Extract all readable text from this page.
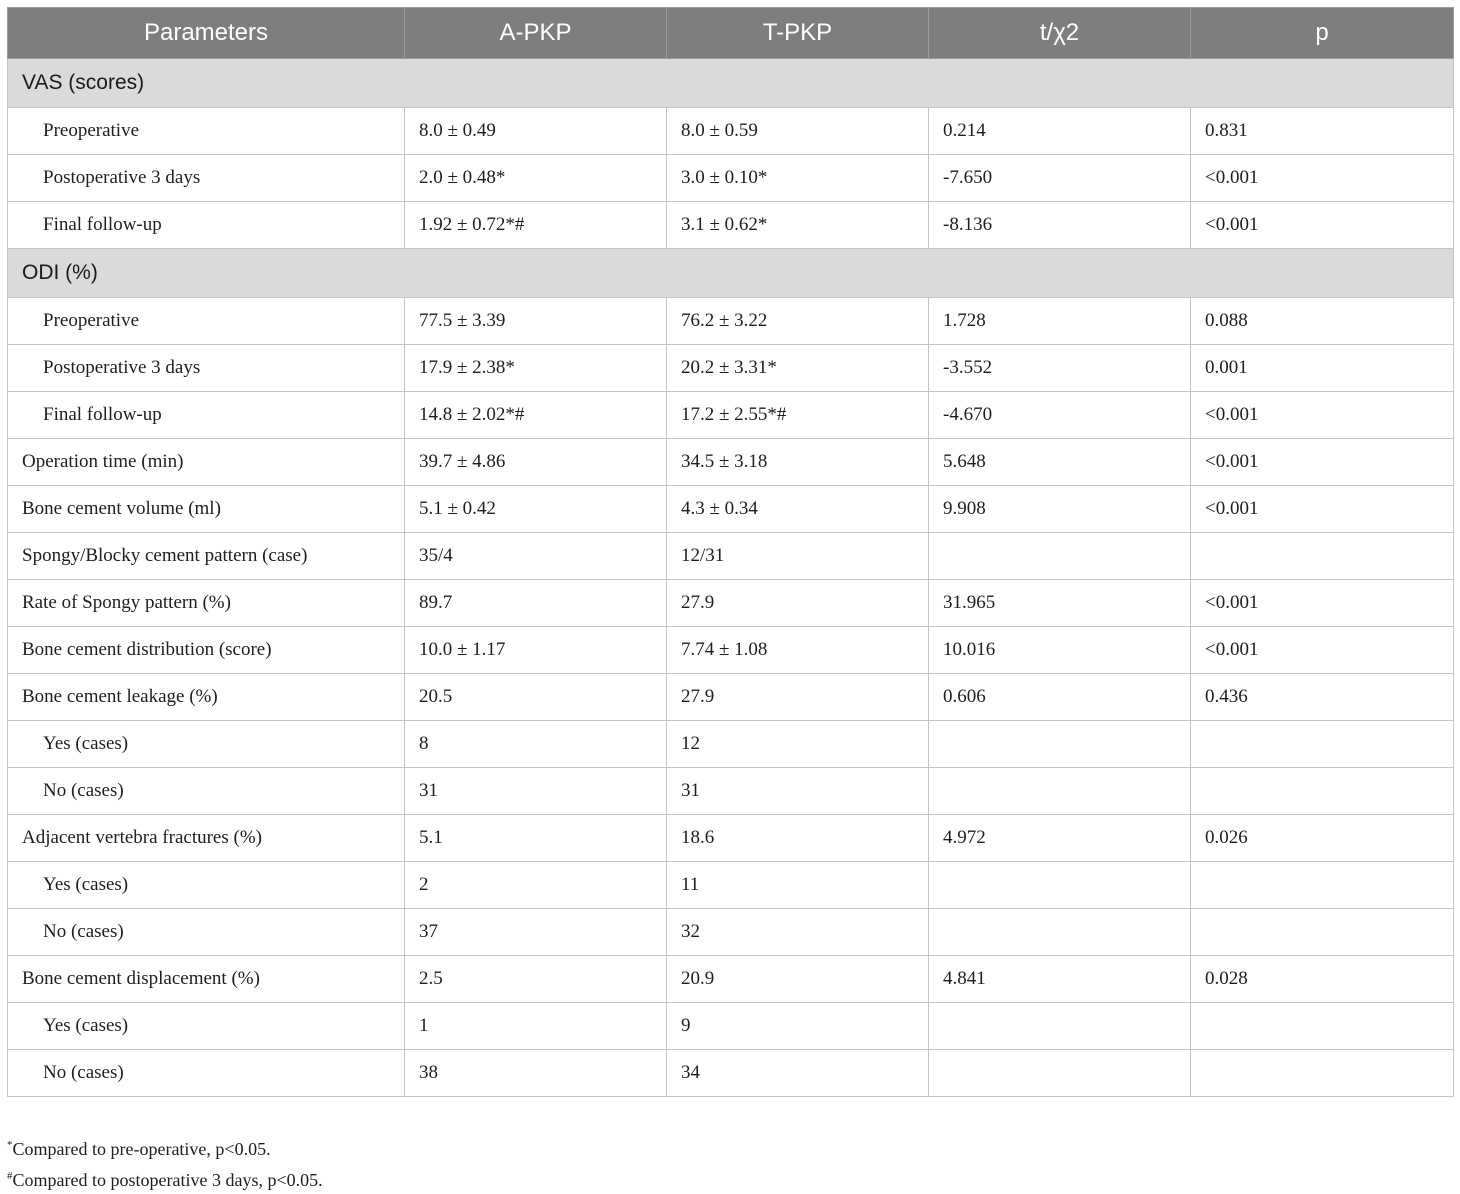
Parameters	A-PKP	T-PKP	t/χ2	p
VAS (scores)				
Preoperative	8.0 ± 0.49	8.0 ± 0.59	0.214	0.831
Postoperative 3 days	2.0 ± 0.48*	3.0 ± 0.10*	-7.650	<0.001
Final follow-up	1.92 ± 0.72*#	3.1 ± 0.62*	-8.136	<0.001
ODI (%)				
Preoperative	77.5 ± 3.39	76.2 ± 3.22	1.728	0.088
Postoperative 3 days	17.9 ± 2.38*	20.2 ± 3.31*	-3.552	0.001
Final follow-up	14.8 ± 2.02*#	17.2 ± 2.55*#	-4.670	<0.001
Operation time (min)	39.7 ± 4.86	34.5 ± 3.18	5.648	<0.001
Bone cement volume (ml)	5.1 ± 0.42	4.3 ± 0.34	9.908	<0.001
Spongy/Blocky cement pattern (case)	35/4	12/31		
Rate of Spongy pattern (%)	89.7	27.9	31.965	<0.001
Bone cement distribution (score)	10.0 ± 1.17	7.74 ± 1.08	10.016	<0.001
Bone cement leakage (%)	20.5	27.9	0.606	0.436
Yes (cases)	8	12		
No (cases)	31	31		
Adjacent vertebra fractures (%)	5.1	18.6	4.972	0.026
Yes (cases)	2	11		
No (cases)	37	32		
Bone cement displacement (%)	2.5	20.9	4.841	0.028
Yes (cases)	1	9		
No (cases)	38	34		
*Compared to pre-operative, p<0.05.
#Compared to postoperative 3 days, p<0.05.
